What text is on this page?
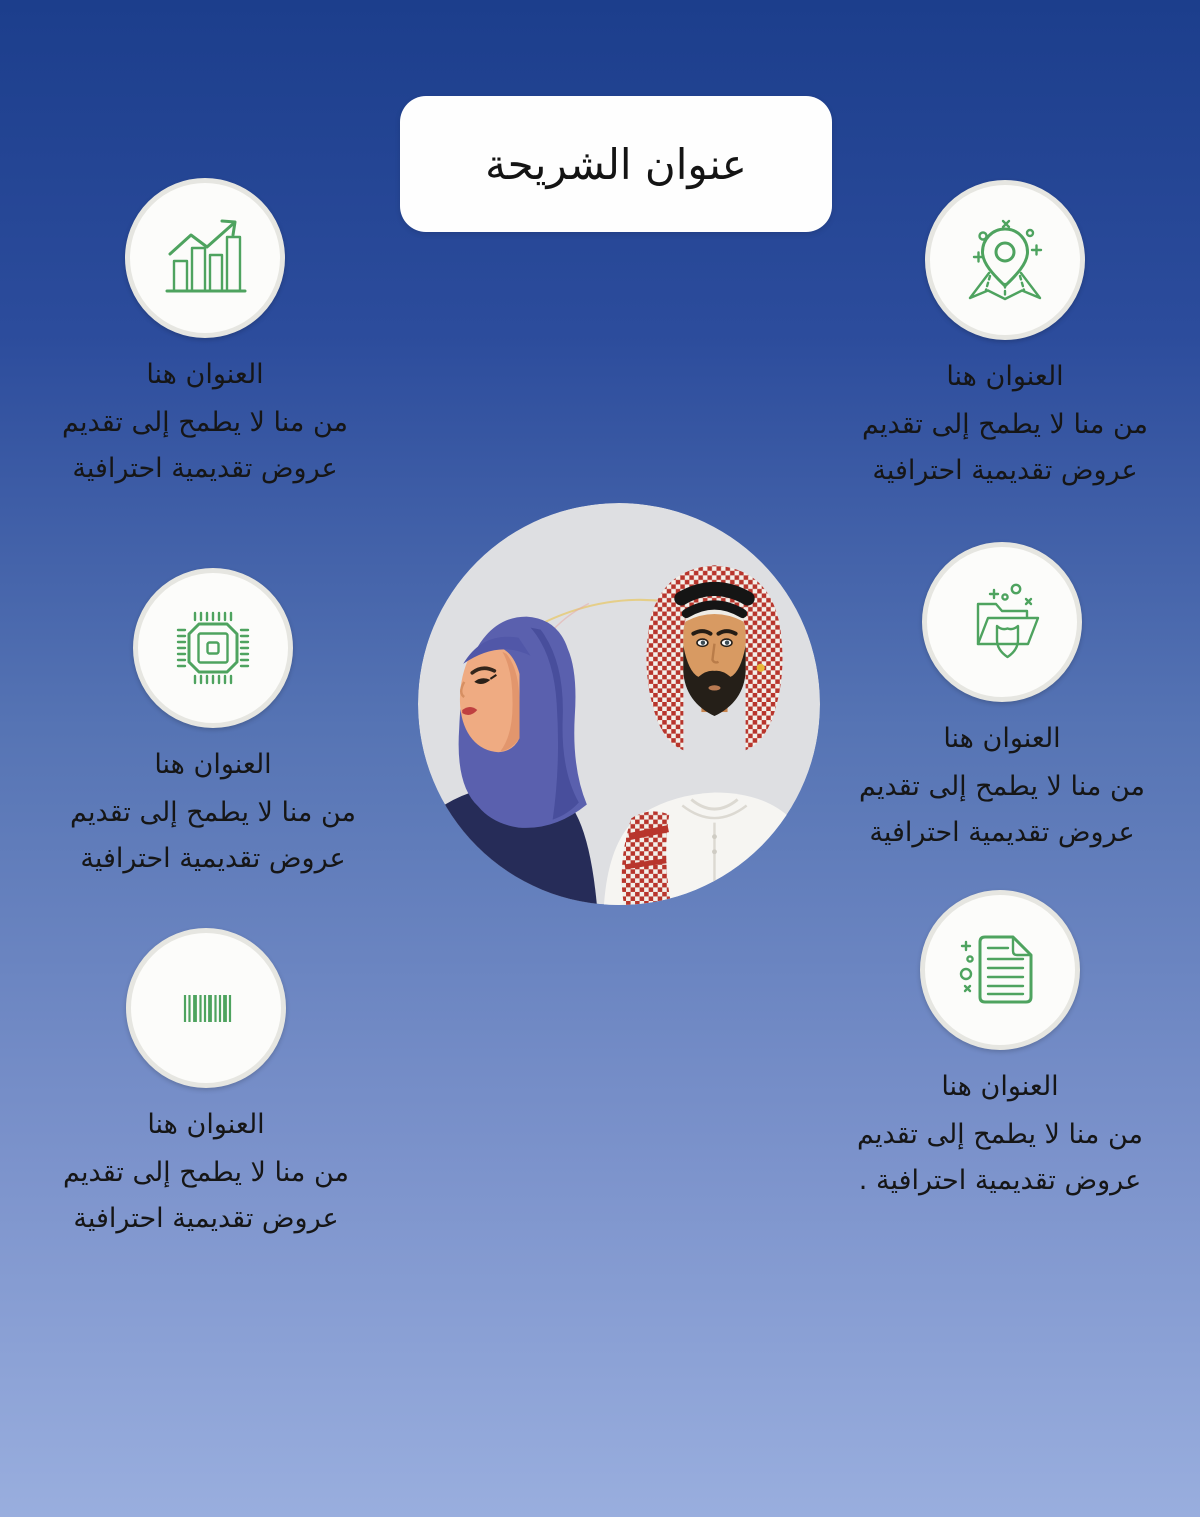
عنوان الشريحة
العنوان هنا
من منا لا يطمح إلى تقديم
عروض تقديمية احترافية
العنوان هنا
من منا لا يطمح إلى تقديم
عروض تقديمية احترافية
العنوان هنا
من منا لا يطمح إلى تقديم
عروض تقديمية احترافية
العنوان هنا
من منا لا يطمح إلى تقديم
عروض تقديمية احترافية
العنوان هنا
من منا لا يطمح إلى تقديم
عروض تقديمية احترافية
العنوان هنا
من منا لا يطمح إلى تقديم
عروض تقديمية احترافية .
